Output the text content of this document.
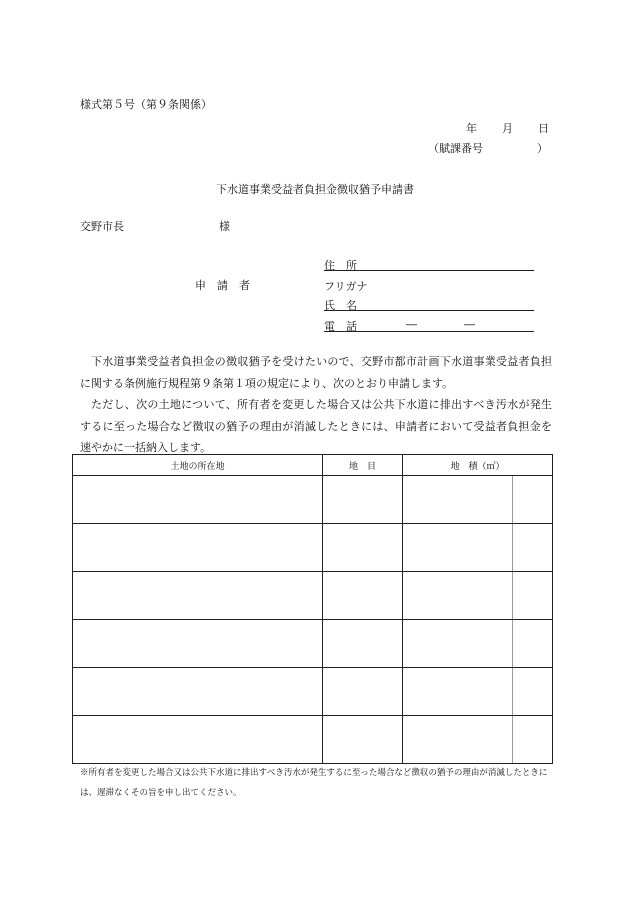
様式第５号（第９条関係）
年 月 日
（賦課番号	）
下水道事業受益者負担金徴収猶予申請書
交野市長	様
申　請　者
住　所
フリガナ
氏　名
電　話	―	―
下水道事業受益者負担金の徴収猶予を受けたいので、交野市都市計画下水道事業受益者負担に関する条例施行規程第９条第１項の規定により、次のとおり申請します。
ただし、次の土地について、所有者を変更した場合又は公共下水道に排出すべき汚水が発生するに至った場合など徴収の猶予の理由が消滅したときには、申請者において受益者負担金を速やかに一括納入します。
土地の所在地	地　目	地　積（㎡）	

※所有者を変更した場合又は公共下水道に排出すべき汚水が発生するに至った場合など徴収の猶予の理由が消滅したときには、遅滞なくその旨を申し出てください。
